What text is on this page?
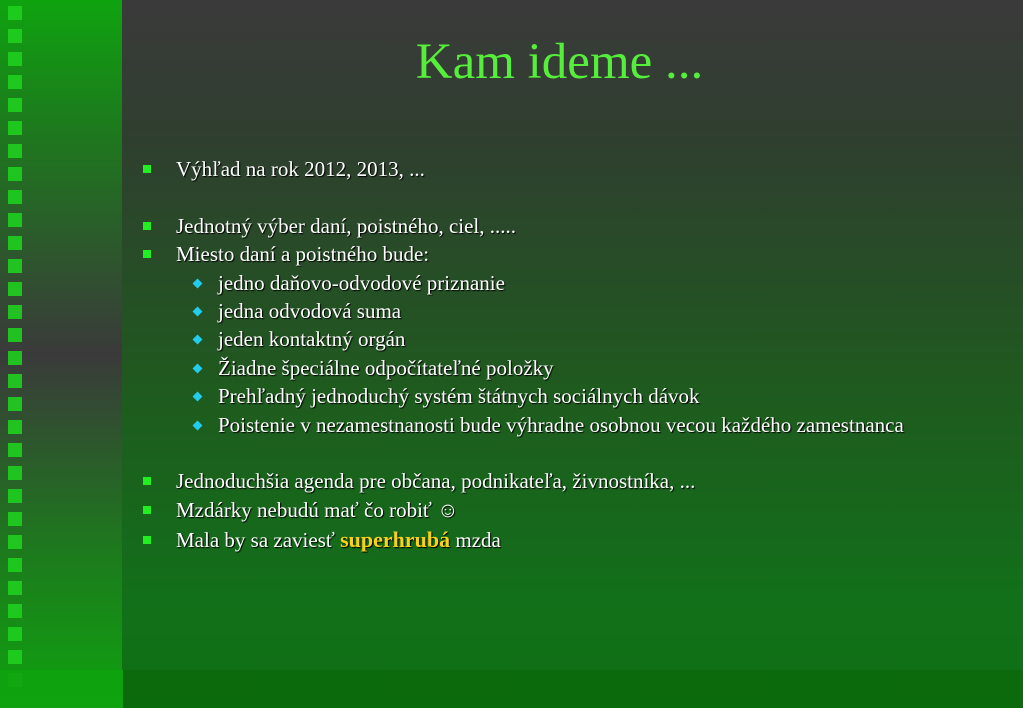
Kam ideme ...
Výhľad na rok 2012, 2013, ...
Jednotný výber daní, poistného, ciel, .....
Miesto daní a poistného bude:
jedno daňovo-odvodové priznanie
jedna odvodová suma
jeden kontaktný orgán
Žiadne špeciálne odpočítateľné položky
Prehľadný jednoduchý systém štátnych sociálnych dávok
Poistenie v nezamestnanosti bude výhradne osobnou vecou každého zamestnanca
Jednoduchšia agenda pre občana, podnikateľa, živnostníka, ...
Mzdárky nebudú mať čo robiť ☺
Mala by sa zaviesť superhrubá mzda
